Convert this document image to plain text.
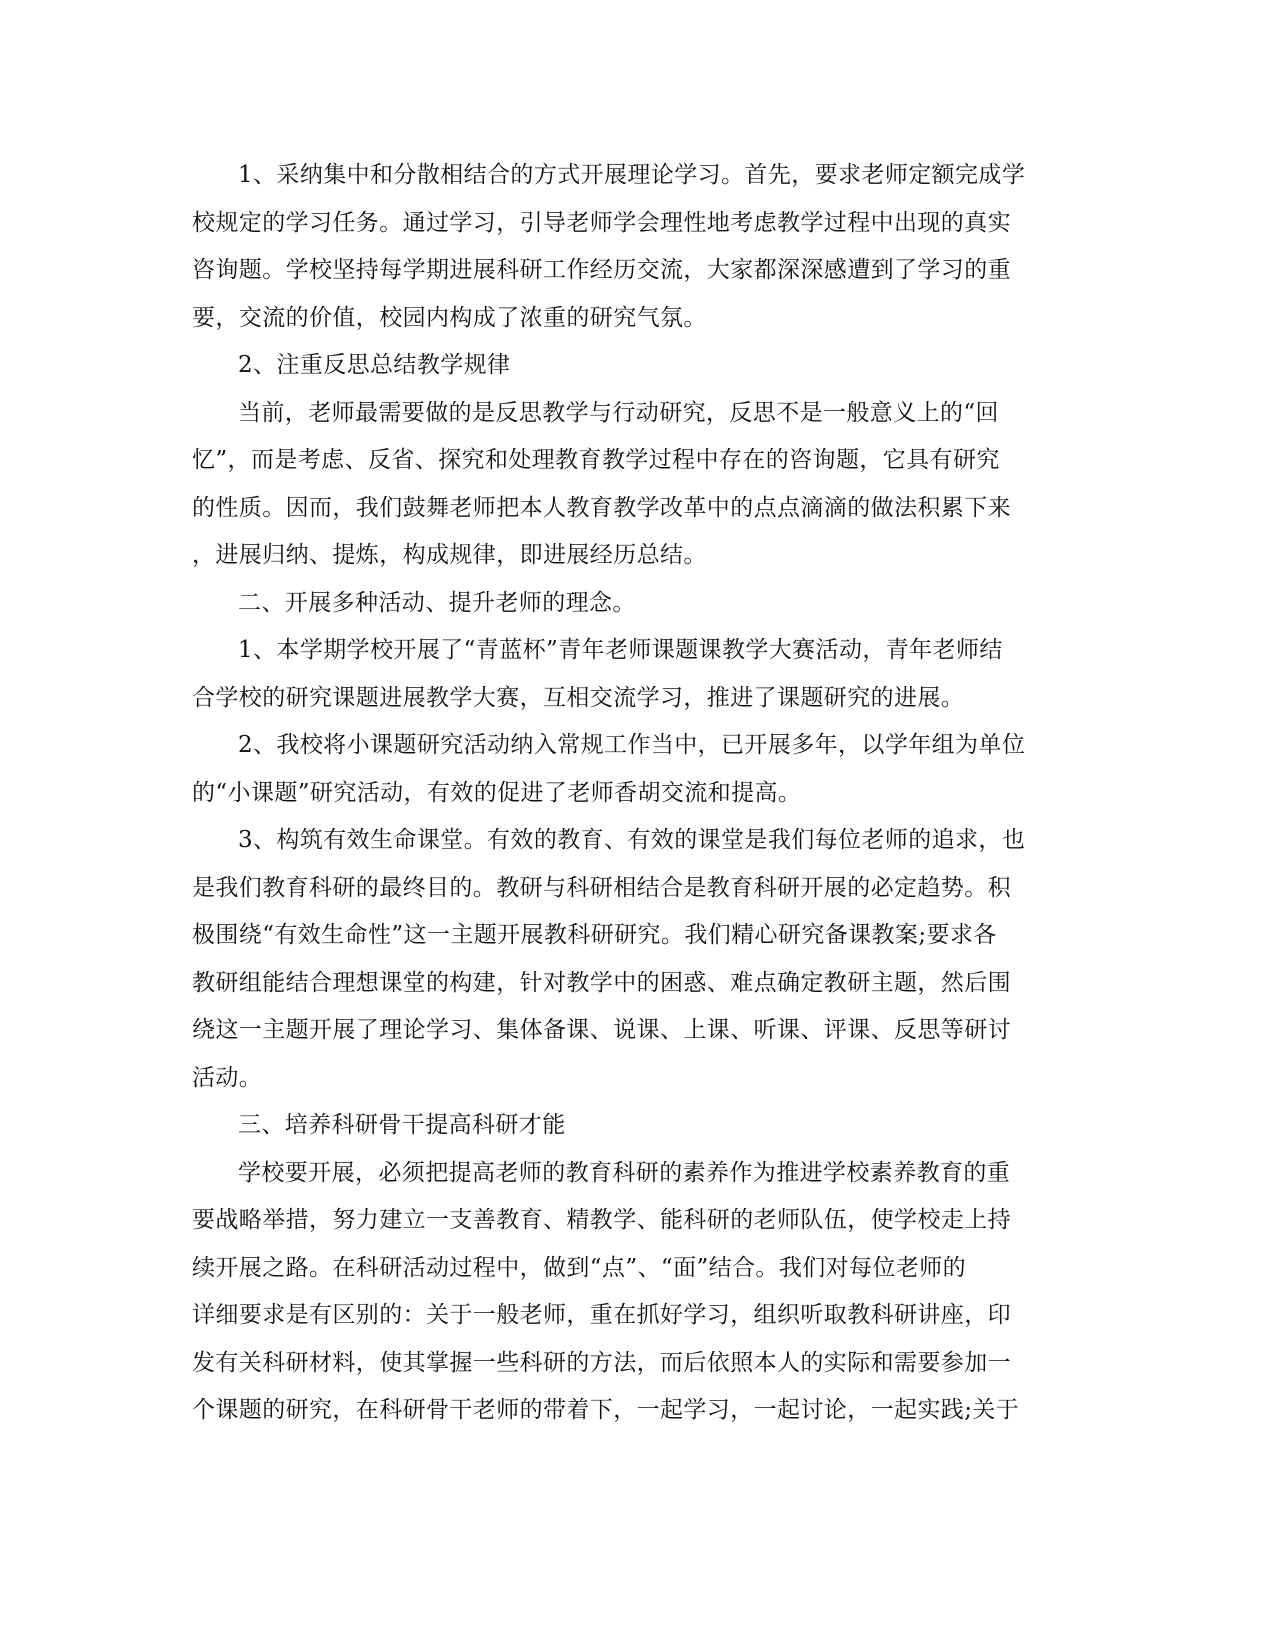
1、采纳集中和分散相结合的方式开展理论学习。首先，要求老师定额完成学
校规定的学习任务。通过学习，引导老师学会理性地考虑教学过程中出现的真实
咨询题。学校坚持每学期进展科研工作经历交流，大家都深深感遭到了学习的重
要，交流的价值，校园内构成了浓重的研究气氛。
2、注重反思总结教学规律
当前，老师最需要做的是反思教学与行动研究，反思不是一般意义上的“回
忆”，而是考虑、反省、探究和处理教育教学过程中存在的咨询题，它具有研究
的性质。因而，我们鼓舞老师把本人教育教学改革中的点点滴滴的做法积累下来
，进展归纳、提炼，构成规律，即进展经历总结。
二、开展多种活动、提升老师的理念。
1、本学期学校开展了“青蓝杯”青年老师课题课教学大赛活动，青年老师结
合学校的研究课题进展教学大赛，互相交流学习，推进了课题研究的进展。
2、我校将小课题研究活动纳入常规工作当中，已开展多年，以学年组为单位
的“小课题”研究活动，有效的促进了老师香胡交流和提高。
3、构筑有效生命课堂。有效的教育、有效的课堂是我们每位老师的追求，也
是我们教育科研的最终目的。教研与科研相结合是教育科研开展的必定趋势。积
极围绕“有效生命性”这一主题开展教科研研究。我们精心研究备课教案;要求各
教研组能结合理想课堂的构建，针对教学中的困惑、难点确定教研主题，然后围
绕这一主题开展了理论学习、集体备课、说课、上课、听课、评课、反思等研讨
活动。
三、培养科研骨干提高科研才能
学校要开展，必须把提高老师的教育科研的素养作为推进学校素养教育的重
要战略举措，努力建立一支善教育、精教学、能科研的老师队伍，使学校走上持
续开展之路。在科研活动过程中，做到“点”、“面”结合。我们对每位老师的
详细要求是有区别的：关于一般老师，重在抓好学习，组织听取教科研讲座，印
发有关科研材料，使其掌握一些科研的方法，而后依照本人的实际和需要参加一
个课题的研究，在科研骨干老师的带着下，一起学习，一起讨论，一起实践;关于
